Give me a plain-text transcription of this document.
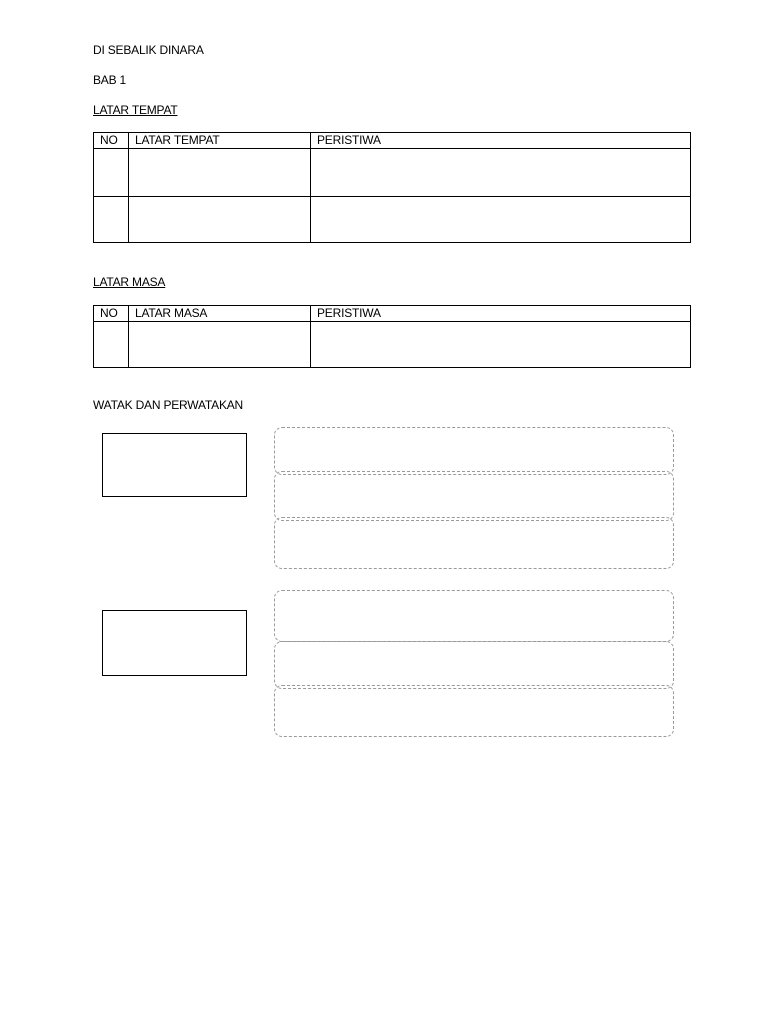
DI SEBALIK DINARA
BAB 1
LATAR TEMPAT
NO	LATAR TEMPAT	PERISTIWA

LATAR MASA
NO	LATAR MASA	PERISTIWA

WATAK DAN PERWATAKAN
